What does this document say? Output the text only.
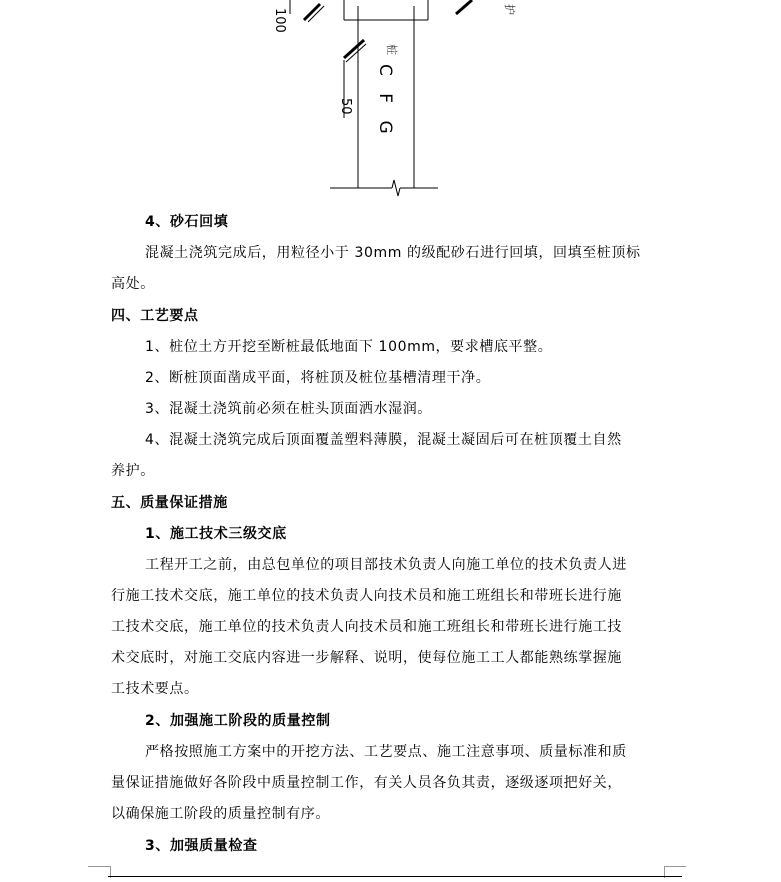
100	护
50 C F G
桩
4、砂石回填
混凝土浇筑完成后，用粒径小于 30mm 的级配砂石进行回填，回填至桩顶标
高处。
四、工艺要点
1、桩位土方开挖至断桩最低地面下 100mm，要求槽底平整。
2、断桩顶面凿成平面，将桩顶及桩位基槽清理干净。
3、混凝土浇筑前必须在桩头顶面洒水湿润。
4、混凝土浇筑完成后顶面覆盖塑料薄膜，混凝土凝固后可在桩顶覆土自然
养护。
五、质量保证措施
1、施工技术三级交底
工程开工之前，由总包单位的项目部技术负责人向施工单位的技术负责人进
行施工技术交底，施工单位的技术负责人向技术员和施工班组长和带班长进行施
工技术交底，施工单位的技术负责人向技术员和施工班组长和带班长进行施工技
术交底时，对施工交底内容进一步解释、说明，使每位施工工人都能熟练掌握施
工技术要点。
2、加强施工阶段的质量控制
严格按照施工方案中的开挖方法、工艺要点、施工注意事项、质量标准和质
量保证措施做好各阶段中质量控制工作，有关人员各负其责，逐级逐项把好关，
以确保施工阶段的质量控制有序。
3、加强质量检查
